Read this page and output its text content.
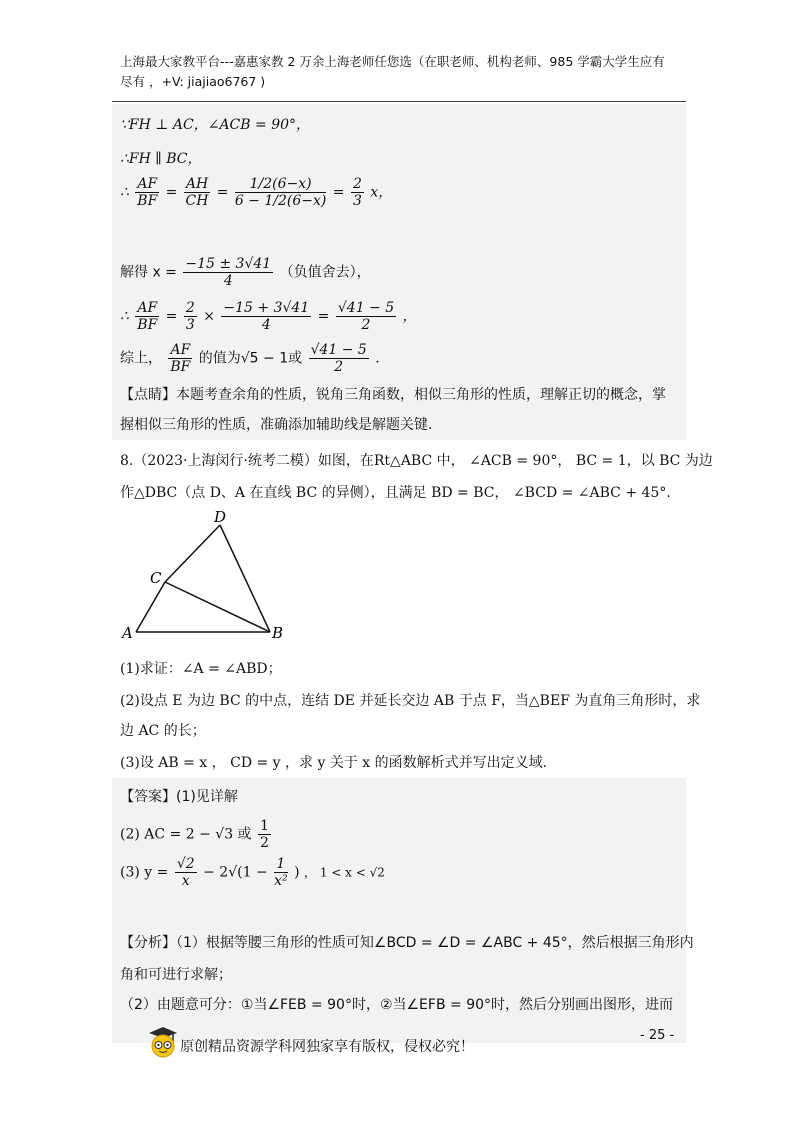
上海最大家教平台---嘉惠家教 2 万余上海老师任您选（在职老师、机构老师、985 学霸大学生应有
尽有 ，+V: jiajiao6767 )
∵FH ⊥ AC，∠ACB = 90°，
∴FH ∥ BC，
∴ $\frac{AF}{BF} = \frac{AH}{CH} = \frac{1/2(6-x)}{6 - 1/2(6-x)} = \frac{2}{3}$ x，
解得 $x = \frac{-15 \pm 3√41}{4}$ （负值舍去），
∴ $\frac{AF}{BF} = \frac{2}{3} \times \frac{-15 + 3√41}{4} = \frac{√41 - 5}{2}$ ，
综上， $\frac{AF}{BF}$ 的值为√5 − 1或 $\frac{√41 - 5}{2}$ .
【点睛】本题考查余角的性质，锐角三角函数，相似三角形的性质，理解正切的概念，掌
握相似三角形的性质，准确添加辅助线是解题关键.
8.（2023·上海闵行·统考二模）如图，在Rt△ABC 中， ∠ACB = 90°， BC = 1，以 BC 为边
作△DBC（点 D、A 在直线 BC 的异侧），且满足 BD = BC， ∠BCD = ∠ABC + 45°.
D
C
A	B
(1)求证：∠A = ∠ABD；
(2)设点 E 为边 BC 的中点，连结 DE 并延长交边 AB 于点 F，当△BEF 为直角三角形时，求
边 AC 的长；
(3)设 AB = x ， CD = y ，求 y 关于 x 的函数解析式并写出定义域.
【答案】(1)见详解
(2) AC = 2 − √3 或 $\frac{1}{2}$
(3) $y = \frac{√2}{x} - 2√(1 - \frac{1}{\text{x²}}$ ) ， 1 < x < √2
【分析】（1）根据等腰三角形的性质可知∠BCD = ∠D = ∠ABC + 45°，然后根据三角形内
角和可进行求解；
（2）由题意可分：①当∠FEB = 90°时，②当∠EFB = 90°时，然后分别画出图形，进而
原创精品资源学科网独家享有版权，侵权必究！
- 25 -
